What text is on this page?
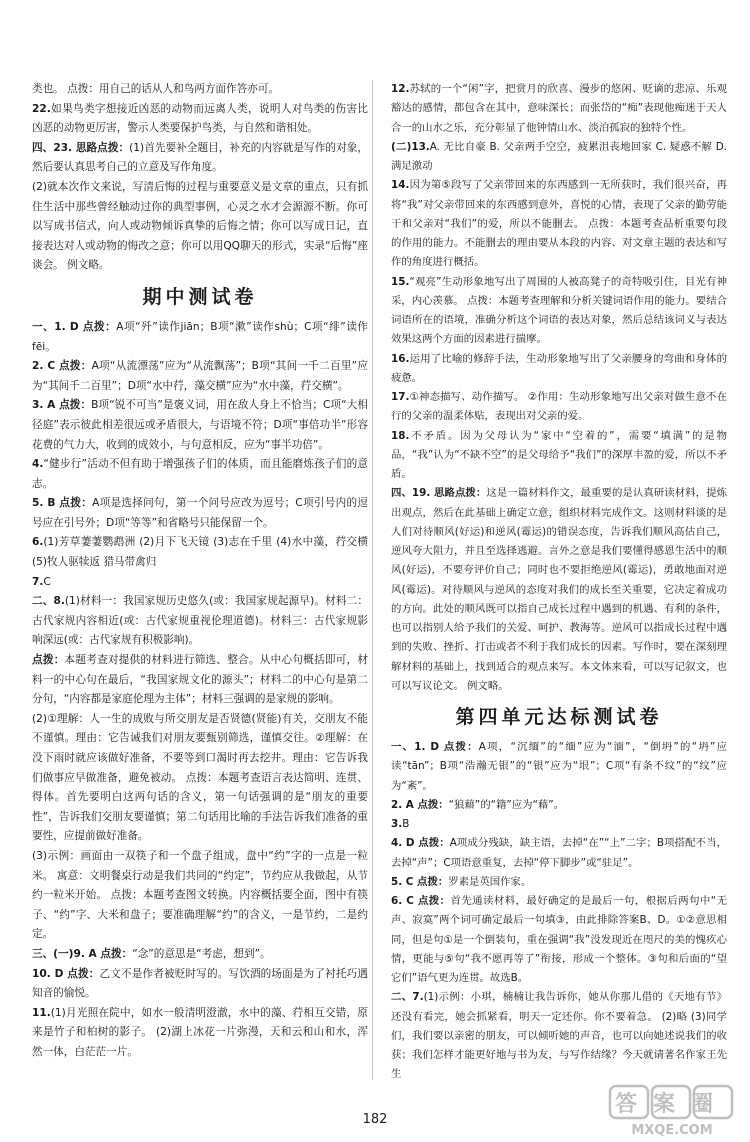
类也。 点拨：用自己的话从人和鸟两方面作答亦可。

22.如果鸟类字想接近凶恶的动物而远离人类，说明人对鸟类的伤害比凶恶的动物更厉害，警示人类要保护鸟类，与自然和谐相处。

四、23. 思路点拨：(1)首先要补全题目，补充的内容就是写作的对象，然后要认真思考自己的立意及写作角度。

(2)就本次作文来说，写清后悔的过程与重要意义是文章的重点，只有抓住生活中那些曾经触动过你的典型事例，心灵之水才会源源不断。你可以写成书信式，向人或动物倾诉真挚的后悔之情；你可以写成日记，直接表达对人或动物的悔改之意；你可以用QQ聊天的形式，实录“后悔”座谈会。 例文略。

期中测试卷

一、1. D 点拨：A项“歼”读作jiān；B项“漱”读作shù；C项“绯”读作fēi。

2. C 点拨：A项“从流漂荡”应为“从流飘荡”；B项“其间一千二百里”应为“其间千二百里”；D项“水中荇，藻交横”应为“水中藻，荇交横”。

3. A 点拨：B项“锐不可当”是褒义词，用在敌人身上不恰当；C项“大相径庭”表示彼此相差很远或矛盾很大，与语境不符；D项“事倍功半”形容花费的气力大，收到的成效小，与句意相反，应为“事半功倍”。

4.“健步行”活动不但有助于增强孩子们的体质，而且能磨炼孩子们的意志。

5. B 点拨：A项是选择问句，第一个问号应改为逗号；C项引号内的逗号应在引号外；D项“等等”和省略号只能保留一个。

6.(1)芳草萋萋鹦鹉洲 (2)月下飞天镜 (3)志在千里 (4)水中藻，荇交横 (5)牧人驱犊返 猎马带禽归

7.C

二、8.(1)材料一：我国家规历史悠久(或：我国家规起源早)。材料二：古代家规内容相近(或：古代家规重视伦理道德)。材料三：古代家规影响深远(或：古代家规有积极影响)。

点拨：本题考查对提供的材料进行筛选、整合。从中心句概括即可，材料一的中心句在最后，“我国家规文化的源头”；材料二的中心句是第二分句，“内容都是家庭伦理为主体”；材料三强调的是家规的影响。

(2)①理解：人一生的成败与所交朋友是否贤德(贤能)有关，交朋友不能不谨慎。理由：它告诫我们对朋友要甄别筛选，谨慎交往。②理解：在没下雨时就应该做好准备，不要等到口渴时再去挖井。理由：它告诉我们做事应早做准备，避免被动。 点拨：本题考查语言表达简明、连贯、得体。首先要明白这两句话的含义，第一句话强调的是“朋友的重要性”，告诉我们交朋友要谨慎；第二句话用比喻的手法告诉我们准备的重要性，应提前做好准备。

(3)示例：画面由一双筷子和一个盘子组成，盘中“约”字的一点是一粒米。 寓意：文明餐桌行动是我们共同的“约定”，节约应从我做起，从节约一粒米开始。 点拨：本题考查图文转换。内容概括要全面，图中有筷子、“约”字、大米和盘子；要准确理解“约”的含义，一是节约，二是约定。

三、(一)9. A 点拨：“念”的意思是“考虑，想到”。

10. D 点拨：乙文不是作者被贬时写的。写饮酒的场面是为了衬托巧遇知音的愉悦。

11.(1)月光照在院中，如水一般清明澄澈，水中的藻、荇相互交错，原来是竹子和柏树的影子。 (2)湖上冰花一片弥漫，天和云和山和水，浑然一体，白茫茫一片。

12.苏轼的一个“闲”字，把赏月的欣喜、漫步的悠闲、贬谪的悲凉、乐观豁达的感情，都包含在其中，意味深长；而张岱的“痴”表现他痴迷于天人合一的山水之乐，充分彰显了他钟情山水、淡泊孤寂的独特个性。

(二)13.A. 无比自豪 B. 父亲两手空空，疲累沮丧地回家 C. 疑惑不解 D. 满足激动

14.因为第⑤段写了父亲带回来的东西感到一无所获时，我们很兴奋，再将“我”对父亲带回来的东西感到意外，喜悦的心情，表现了父亲的勤劳能干和父亲对“我们”的爱，所以不能删去。 点拨：本题考查品析重要句段的作用的能力。不能删去的理由要从本段的内容、对文章主题的表达和写作的角度进行概括。

15.“观亮”生动形象地写出了周围的人被高凳子的奇特吸引住，目光有神采，内心羡慕。 点拨：本题考查理解和分析关键词语作用的能力。要结合词语所在的语境，准确分析这个词语的表达对象，然后总结该词义与表达效果这两个方面的因素进行揣摩。

16.运用了比喻的修辞手法，生动形象地写出了父亲腰身的弯曲和身体的疲惫。

17.①神态描写、动作描写。 ②作用：生动形象地写出父亲对做生意不在行的父亲的温柔体贴，表现出对父亲的爱。

18.不矛盾。因为父母认为“家中“空着的”，需要“填满”的是物品，“我”认为“不缺不空”的是父母给予“我们”的深厚丰盈的爱，所以不矛盾。

四、19. 思路点拨：这是一篇材料作文，最重要的是认真研读材料，提炼出观点，然后在此基础上确定立意，组织材料完成作文。这则材料谈的是人们对待顺风(好运)和逆风(霉运)的错误态度，告诉我们顺风高估自己，逆风夸大阻力，并且至选择逃避。言外之意是我们要懂得感恩生活中的顺风(好运)，不要夸评价自己；同时也不要拒绝逆风(霉运)，勇敢地面对逆风(霉运)。对待顺风与逆风的态度对我们的成长至关重要，它决定着成功的方向。此处的顺风既可以指自己成长过程中遇到的机遇、有利的条件，也可以指别人给予我们的关爱、呵护、教海等。逆风可以指成长过程中遇到的失败、挫折、打击或者不利于我们成长的因素。写作时，要在深刻理解材料的基础上，找到适合的观点来写。本文体来看，可以写记叙文，也可以写议论文。 例文略。

第四单元达标测试卷

一、1. D 点拨：A项，“沉缅”的“缅”应为“湎”，“倒坍”的“坍”应读“tān”；B项“浩瀚无银”的“银”应为“垠”；C项“有条不纹”的“纹”应为“紊”。

2. A 点拨：“狼藉”的“籍”应为“藉”。

3.B

4. D 点拨：A项成分残缺，缺主语，去掉“在”“上”二字；B项搭配不当，去掉“声”；C项语意重复，去掉“停下脚步”或“驻足”。

5. C 点拨：罗素是英国作家。

6. C 点拨：首先通读材料，最好确定的是最后一句，根据后两句中“无声、寂寞”两个词可确定最后一句填③，由此排除答案B、D。①②意思相同，但是句①是一个倒装句，重在强调“我”没发现近在咫尺的美的愧疚心情，更能与⑤句“我不愿再等了”衔接，形成一个整体。③句和后面的“望它们”语气更为连贯。故选B。

二、7.(1)示例：小琪，楠楠让我告诉你，她从你那儿借的《天地有节》还没有看完，她会抓紧看，明天一定还你。你不要着急。 (2)略 (3)同学们，我们要以亲密的朋友，可以倾听她的声音，也可以向她述说我们的收获；我们怎样才能更好地与书为友，与写作结缘？今天就请著名作家王先生

182
答案圈
MXQE.COM
